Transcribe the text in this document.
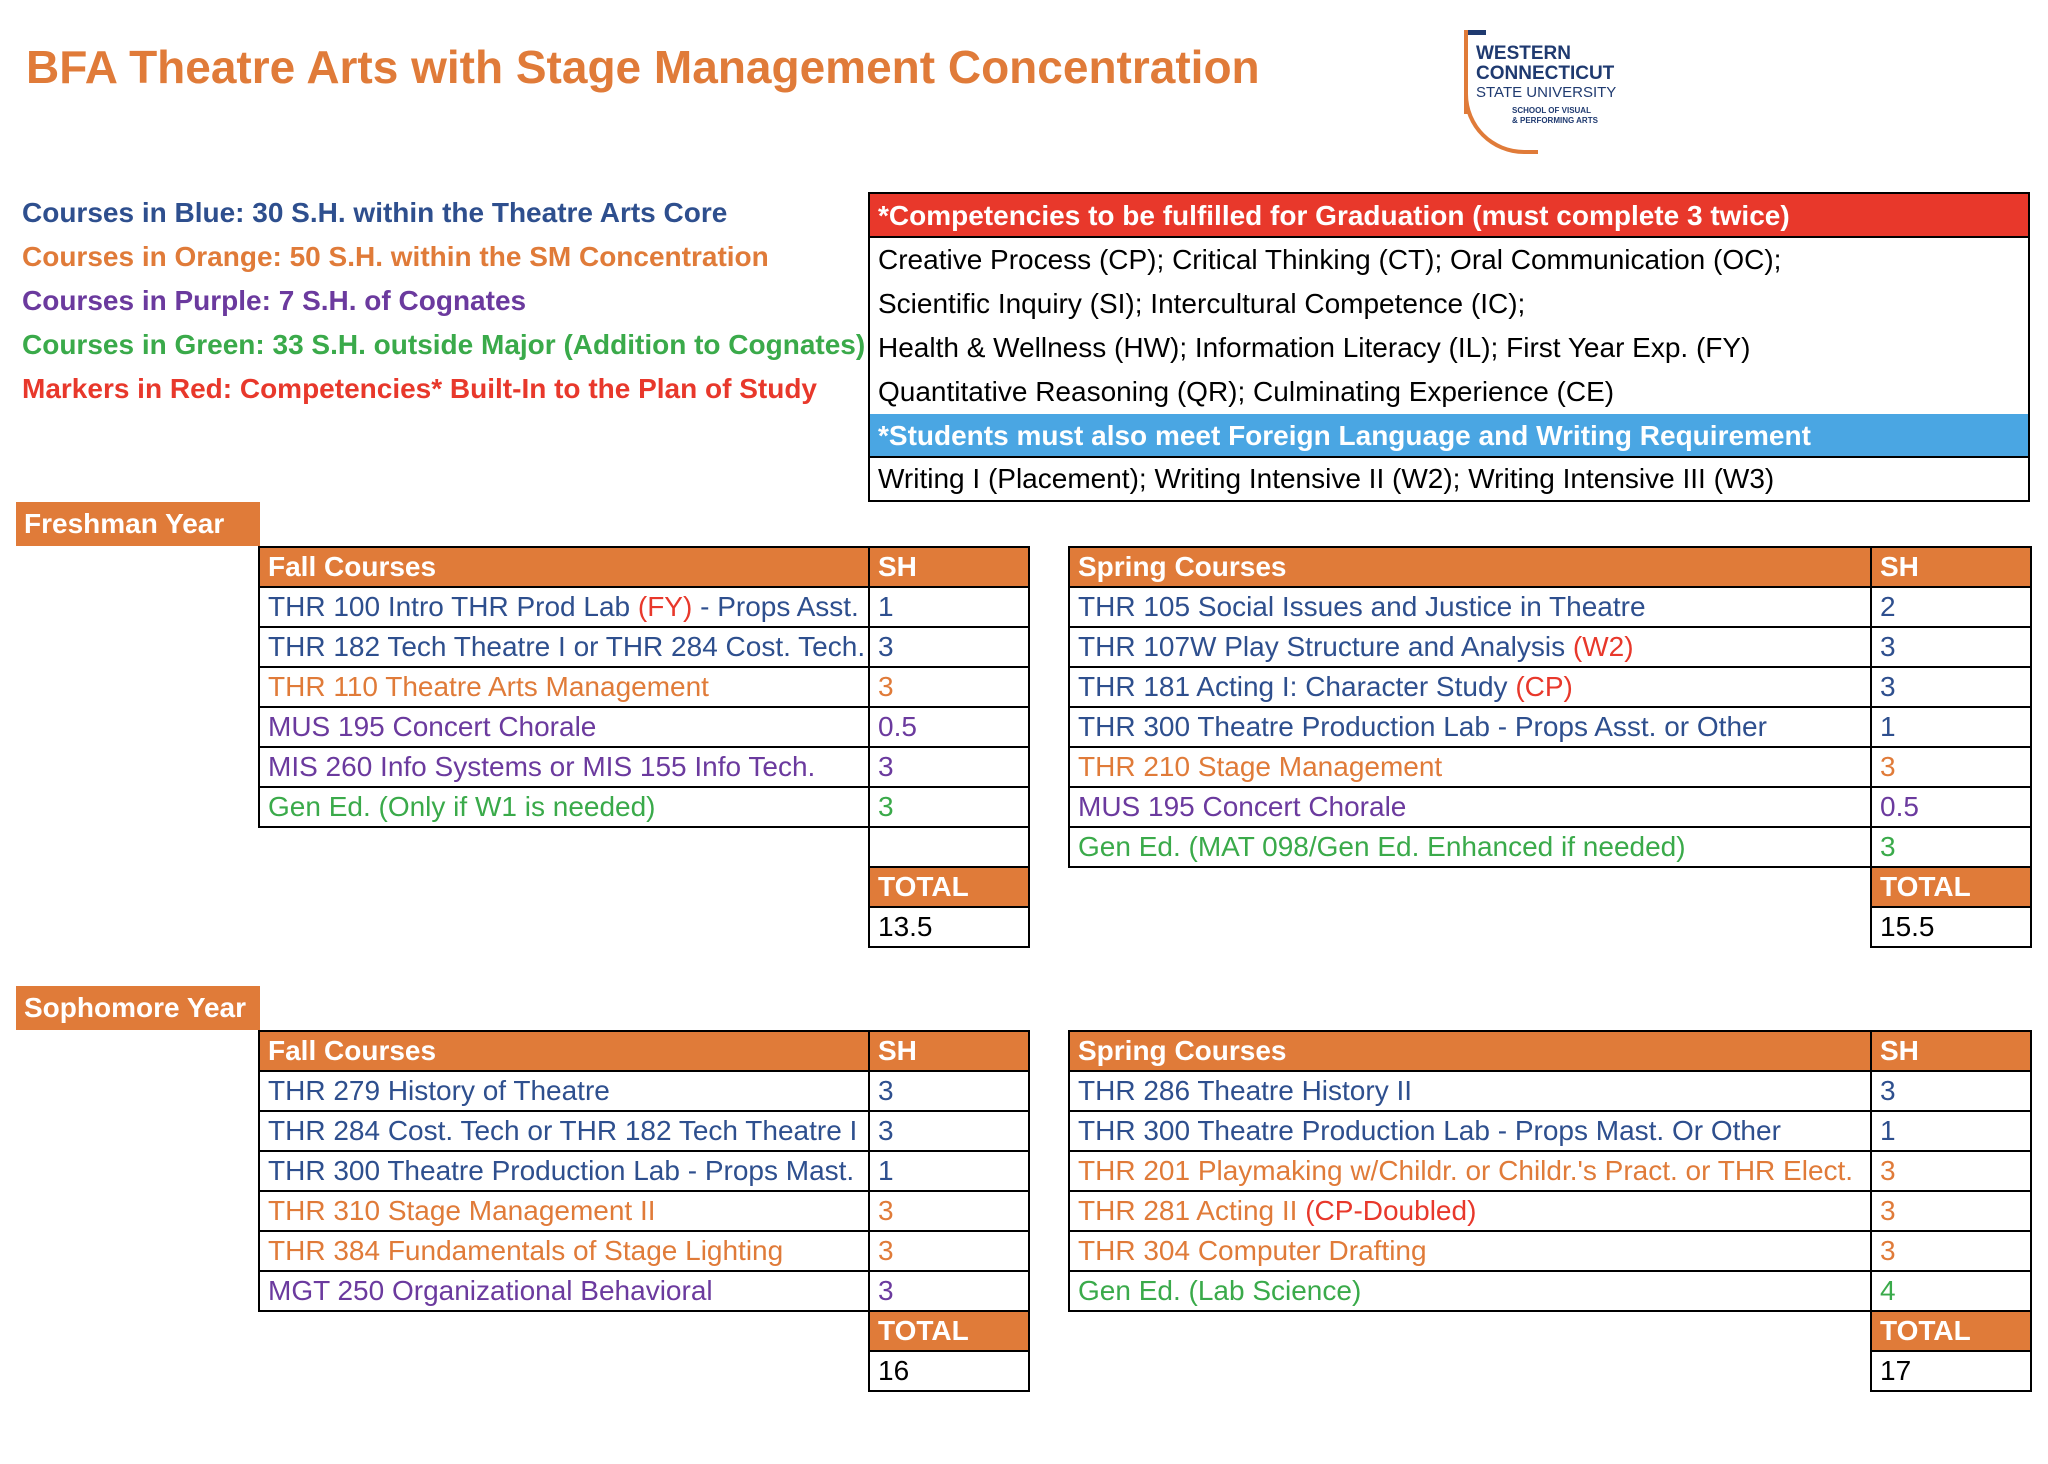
BFA Theatre Arts with Stage Management Concentration	WESTERN
CONNECTICUT
STATE UNIVERSITY
SCHOOL OF VISUAL
& PERFORMING ARTS
Courses in Blue: 30 S.H. within the Theatre Arts Core
Courses in Orange: 50 S.H. within the SM Concentration
Courses in Purple: 7 S.H. of Cognates
Courses in Green: 33 S.H. outside Major (Addition to Cognates)
Markers in Red: Competencies* Built-In to the Plan of Study
*Competencies to be fulfilled for Graduation (must complete 3 twice)
Creative Process (CP); Critical Thinking (CT); Oral Communication (OC);
Scientific Inquiry (SI); Intercultural Competence (IC);
Health & Wellness (HW); Information Literacy (IL); First Year Exp. (FY)
Quantitative Reasoning (QR); Culminating Experience (CE)
*Students must also meet Foreign Language and Writing Requirement
Writing I (Placement); Writing Intensive II (W2); Writing Intensive III (W3)
Freshman Year
Sophomore Year
Fall Courses	SH
THR 100 Intro THR Prod Lab (FY) - Props Asst.	1
THR 182 Tech Theatre I or THR 284 Cost. Tech.	3
THR 110 Theatre Arts Management	3
MUS 195 Concert Chorale	0.5
MIS 260 Info Systems or MIS 155 Info Tech.	3
Gen Ed. (Only if W1 is needed)	3

	TOTAL
	13.5
Spring Courses	SH
THR 105 Social Issues and Justice in Theatre	2
THR 107W Play Structure and Analysis (W2)	3
THR 181 Acting I: Character Study (CP)	3
THR 300 Theatre Production Lab - Props Asst. or Other	1
THR 210 Stage Management	3
MUS 195 Concert Chorale	0.5
Gen Ed. (MAT 098/Gen Ed. Enhanced if needed)	3
	TOTAL
	15.5
Fall Courses	SH
THR 279 History of Theatre	3
THR 284 Cost. Tech or THR 182 Tech Theatre I	3
THR 300 Theatre Production Lab - Props Mast.	1
THR 310 Stage Management II	3
THR 384 Fundamentals of Stage Lighting	3
MGT 250 Organizational Behavioral	3
	TOTAL
	16
Spring Courses	SH
THR 286 Theatre History II	3
THR 300 Theatre Production Lab - Props Mast. Or Other	1
THR 201 Playmaking w/Childr. or Childr.'s Pract. or THR Elect.	3
THR 281 Acting II (CP-Doubled)	3
THR 304 Computer Drafting	3
Gen Ed. (Lab Science)	4
	TOTAL
	17
